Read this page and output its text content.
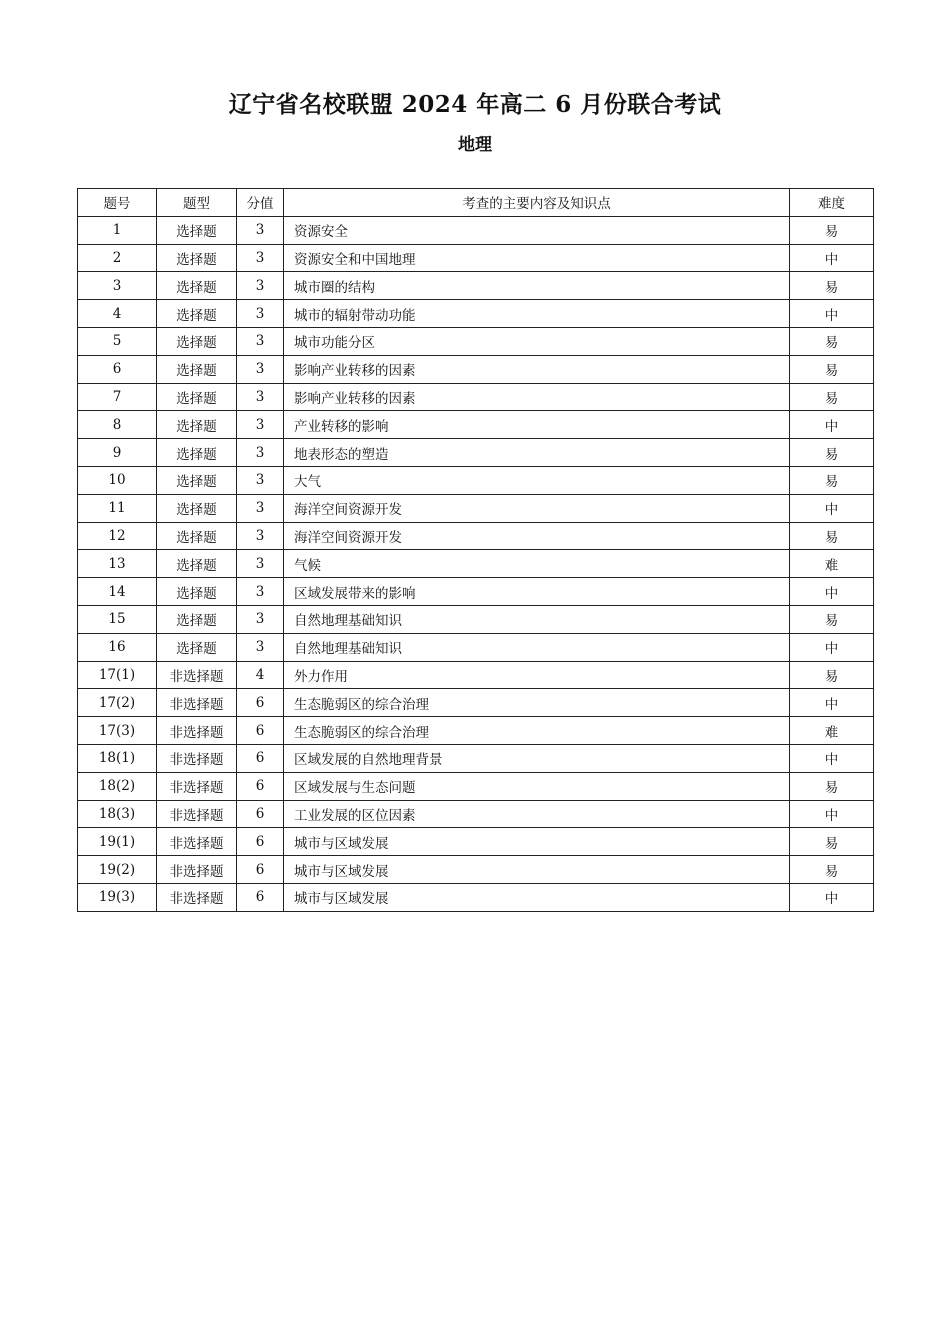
辽宁省名校联盟 2024 年高二 6 月份联合考试
地理
题号	题型	分值	考查的主要内容及知识点	难度
1	选择题	3	资源安全	易
2	选择题	3	资源安全和中国地理	中
3	选择题	3	城市圈的结构	易
4	选择题	3	城市的辐射带动功能	中
5	选择题	3	城市功能分区	易
6	选择题	3	影响产业转移的因素	易
7	选择题	3	影响产业转移的因素	易
8	选择题	3	产业转移的影响	中
9	选择题	3	地表形态的塑造	易
10	选择题	3	大气	易
11	选择题	3	海洋空间资源开发	中
12	选择题	3	海洋空间资源开发	易
13	选择题	3	气候	难
14	选择题	3	区域发展带来的影响	中
15	选择题	3	自然地理基础知识	易
16	选择题	3	自然地理基础知识	中
17(1)	非选择题	4	外力作用	易
17(2)	非选择题	6	生态脆弱区的综合治理	中
17(3)	非选择题	6	生态脆弱区的综合治理	难
18(1)	非选择题	6	区域发展的自然地理背景	中
18(2)	非选择题	6	区域发展与生态问题	易
18(3)	非选择题	6	工业发展的区位因素	中
19(1)	非选择题	6	城市与区域发展	易
19(2)	非选择题	6	城市与区域发展	易
19(3)	非选择题	6	城市与区域发展	中
